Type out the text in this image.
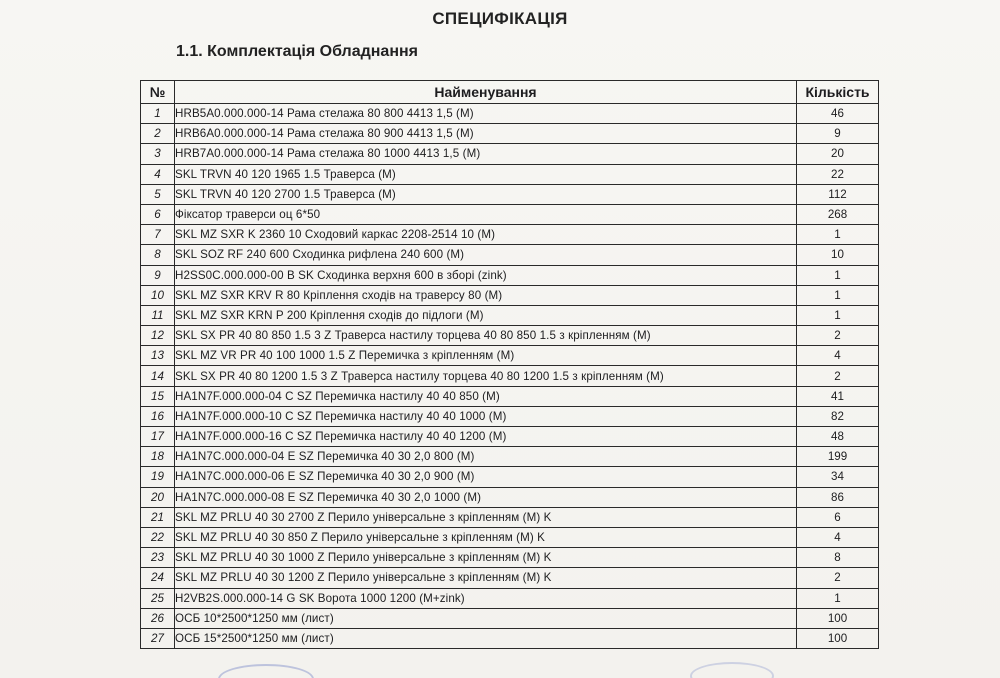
СПЕЦИФІКАЦІЯ
1.1. Комплектація Обладнання
№	Найменування	Кількість
1	HRB5A0.000.000-14 Рама стелажа 80 800 4413 1,5 (M)	46
2	HRB6A0.000.000-14 Рама стелажа 80 900 4413 1,5 (M)	9
3	HRB7A0.000.000-14 Рама стелажа 80 1000 4413 1,5 (M)	20
4	SKL TRVN 40 120 1965 1.5 Траверса (M)	22
5	SKL TRVN 40 120 2700 1.5 Траверса (M)	112
6	Фіксатор траверси оц 6*50	268
7	SKL MZ SXR K 2360 10 Сходовий каркас 2208-2514 10 (M)	1
8	SKL SOZ RF 240 600 Сходинка рифлена 240 600 (M)	10
9	H2SS0C.000.000-00 B SK Сходинка верхня 600 в зборі (zink)	1
10	SKL MZ SXR KRV R 80 Кріплення сходів на траверсу 80 (M)	1
11	SKL MZ SXR KRN P 200 Кріплення сходів до підлоги (M)	1
12	SKL SX PR 40 80 850 1.5 3 Z Траверса настилу торцева 40 80 850 1.5 з кріпленням (M)	2
13	SKL MZ VR PR 40 100 1000 1.5 Z Перемичка з кріпленням (M)	4
14	SKL SX PR 40 80 1200 1.5 3 Z Траверса настилу торцева 40 80 1200 1.5 з кріпленням (M)	2
15	HA1N7F.000.000-04 C SZ Перемичка настилу 40 40 850 (M)	41
16	HA1N7F.000.000-10 C SZ Перемичка настилу 40 40 1000 (M)	82
17	HA1N7F.000.000-16 C SZ Перемичка настилу 40 40 1200 (M)	48
18	HA1N7C.000.000-04 E SZ Перемичка 40 30 2,0 800 (M)	199
19	HA1N7C.000.000-06 E SZ Перемичка 40 30 2,0 900 (M)	34
20	HA1N7C.000.000-08 E SZ Перемичка 40 30 2,0 1000 (M)	86
21	SKL MZ PRLU 40 30 2700 Z Перило універсальне з кріпленням (M) K	6
22	SKL MZ PRLU 40 30 850 Z Перило універсальне з кріпленням (M) K	4
23	SKL MZ PRLU 40 30 1000 Z Перило універсальне з кріпленням (M) K	8
24	SKL MZ PRLU 40 30 1200 Z Перило універсальне з кріпленням (M) K	2
25	H2VB2S.000.000-14 G SK Ворота 1000 1200 (M+zink)	1
26	ОСБ 10*2500*1250 мм (лист)	100
27	ОСБ 15*2500*1250 мм (лист)	100
